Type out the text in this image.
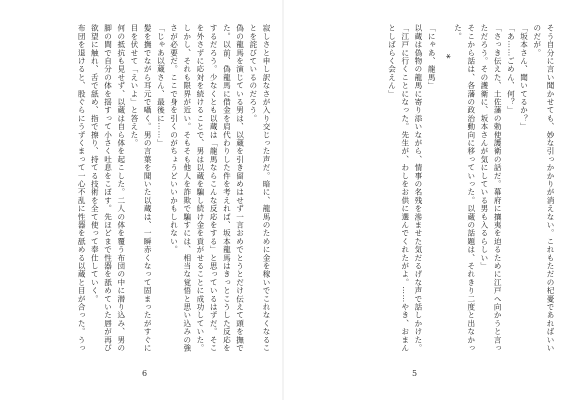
寂しさと申し訳なさが入り交じった声だ。暗に、龍馬のために金を稼いでこれなくなることを詫びているのだろう。

偽の龍馬を演じている男は、以蔵を引き留めはせず一言おめでとうとだけ伝えて頭を撫でた。以前、偽龍馬に借金を肩代わりした件を考えれば、坂本龍馬はきっとこうした反応をするだろう。少なくとも以蔵は「龍馬ならこんな反応をする」と思っているはずだ。そこを外さずに応対を続けることで、男は以蔵を騙し続け金を貢がせることに成功していた。

しかし、それも限界が近い。そもそも他人を詐欺で騙すには、相当な覚悟と思い込みの強さが必要だ。ここで身を引くのがちょうどいいかもしれない。

「じゃあ以蔵さん、最後に……」

髪を撫でながら耳元で囁く。男の言葉を聞いた以蔵は、一瞬赤くなって固まったがすぐに目を伏せて「えいよ」と答えた。

何の抵抗も見せず、以蔵は自ら体を起こした。二人の体を覆う布団の中に潜り込み、男の脚の間で自分の体を揺すって小さく吐息をこぼす。先ほどまで性器を舐めていた唇が再び欲望に触れ、舌で舐め、指で擦り、持てる技術を全て使って奉仕していく。

布団を退けると、股ぐらにうずくまって一心不乱に性器を舐める以蔵と目が合った。うっ

6

そう自分に言い聞かせても、妙な引っかかりが消えない。これもただの杞憂であればいいのだが。

「坂本さん、聞いてるか？」

「あ……ごめん、何？」

「さっき伝えた、土佐藩の勅使護衛の話だ。幕府に攘夷を迫るために江戸へ向かうと言っただろう。その護衛に、坂本さんが気にしている男も入るらしい」

そこから話は、各藩の政治動向に移っていった。以蔵の話題は、それきり二度と出なかった。

*

「にゃあ、龍馬」

以蔵は偽物の龍馬に寄り添いながら、情事の名残を滲ませた気だるげな声で話しかけた。

「江戸に行くことになった。先生が、わしをお供に選んでくれたがよ。……やき、おまんとしばらく会えん」

5
